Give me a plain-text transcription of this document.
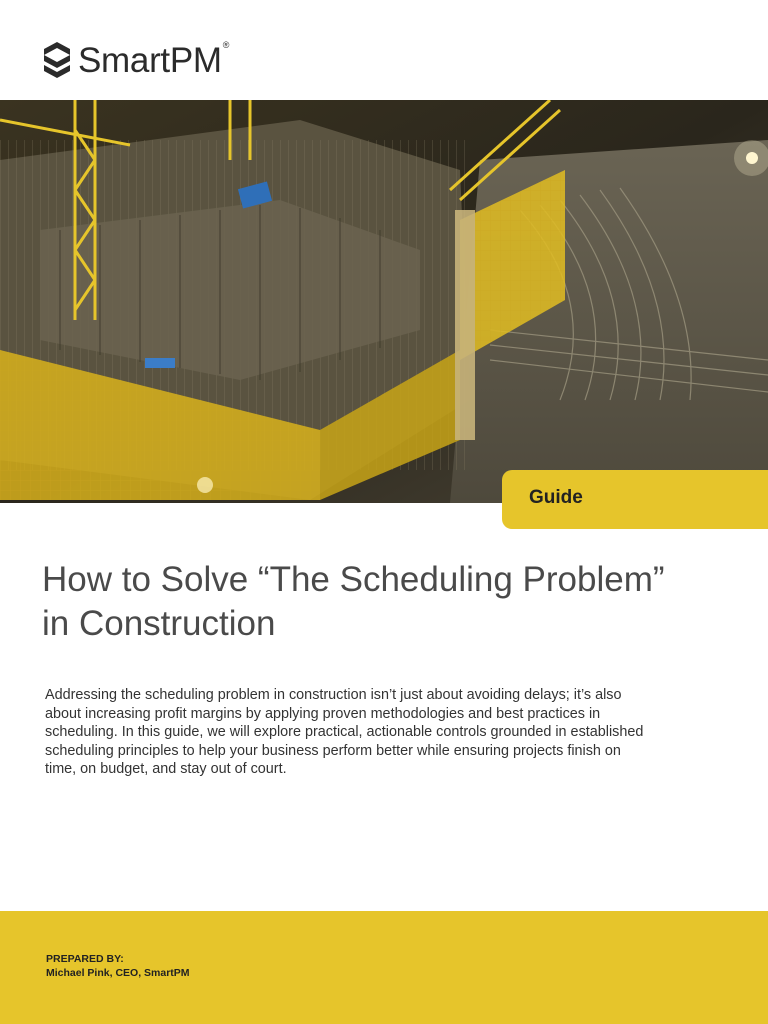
SmartPM®
Guide
How to Solve “The Scheduling Problem”
in Construction

Addressing the scheduling problem in construction isn’t just about avoiding delays; it’s also about increasing profit margins by applying proven methodologies and best practices in scheduling. In this guide, we will explore practical, actionable controls grounded in established scheduling principles to help your business perform better while ensuring projects finish on time, on budget, and stay out of court.

PREPARED BY:
Michael Pink, CEO, SmartPM
